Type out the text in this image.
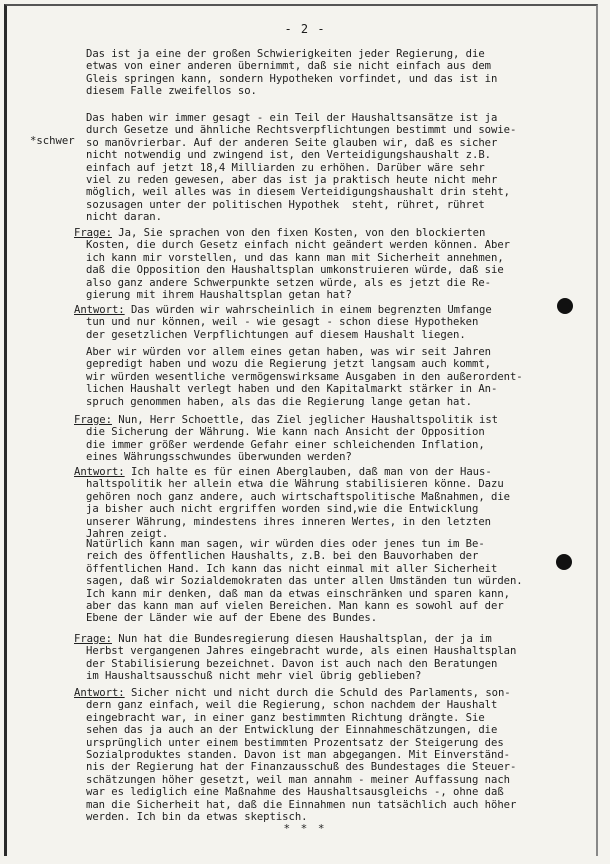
- 2 -
Das ist ja eine der großen Schwierigkeiten jeder Regierung, die
etwas von einer anderen übernimmt, daß sie nicht einfach aus dem
Gleis springen kann, sondern Hypotheken vorfindet, und das ist in
diesem Falle zweifellos so.
Das haben wir immer gesagt - ein Teil der Haushaltsansätze ist ja
durch Gesetze und ähnliche Rechtsverpflichtungen bestimmt und sowie-
so manövrierbar. Auf der anderen Seite glauben wir, daß es sicher
nicht notwendig und zwingend ist, den Verteidigungshaushalt z.B.
einfach auf jetzt 18,4 Milliarden zu erhöhen. Darüber wäre sehr
viel zu reden gewesen, aber das ist ja praktisch heute nicht mehr
möglich, weil alles was in diesem Verteidigungshaushalt drin steht,
sozusagen unter der politischen Hypothek  steht, rühret, rühret
nicht daran.
Frage: Ja, Sie sprachen von den fixen Kosten, von den blockierten
Kosten, die durch Gesetz einfach nicht geändert werden können. Aber
ich kann mir vorstellen, und das kann man mit Sicherheit annehmen,
daß die Opposition den Haushaltsplan umkonstruieren würde, daß sie
also ganz andere Schwerpunkte setzen würde, als es jetzt die Re-
gierung mit ihrem Haushaltsplan getan hat?
Antwort: Das würden wir wahrscheinlich in einem begrenzten Umfange
tun und nur können, weil - wie gesagt - schon diese Hypotheken
der gesetzlichen Verpflichtungen auf diesem Haushalt liegen.
Aber wir würden vor allem eines getan haben, was wir seit Jahren
gepredigt haben und wozu die Regierung jetzt langsam auch kommt,
wir würden wesentliche vermögenswirksame Ausgaben in den außerordent-
lichen Haushalt verlegt haben und den Kapitalmarkt stärker in An-
spruch genommen haben, als das die Regierung lange getan hat.
Frage: Nun, Herr Schoettle, das Ziel jeglicher Haushaltspolitik ist
die Sicherung der Währung. Wie kann nach Ansicht der Opposition
die immer größer werdende Gefahr einer schleichenden Inflation,
eines Währungsschwundes überwunden werden?
Antwort: Ich halte es für einen Aberglauben, daß man von der Haus-
haltspolitik her allein etwa die Währung stabilisieren könne. Dazu
gehören noch ganz andere, auch wirtschaftspolitische Maßnahmen, die
ja bisher auch nicht ergriffen worden sind,wie die Entwicklung
unserer Währung, mindestens ihres inneren Wertes, in den letzten
Jahren zeigt.
Natürlich kann man sagen, wir würden dies oder jenes tun im Be-
reich des öffentlichen Haushalts, z.B. bei den Bauvorhaben der
öffentlichen Hand. Ich kann das nicht einmal mit aller Sicherheit
sagen, daß wir Sozialdemokraten das unter allen Umständen tun würden.
Ich kann mir denken, daß man da etwas einschränken und sparen kann,
aber das kann man auf vielen Bereichen. Man kann es sowohl auf der
Ebene der Länder wie auf der Ebene des Bundes.
Frage: Nun hat die Bundesregierung diesen Haushaltsplan, der ja im
Herbst vergangenen Jahres eingebracht wurde, als einen Haushaltsplan
der Stabilisierung bezeichnet. Davon ist auch nach den Beratungen
im Haushaltsausschuß nicht mehr viel übrig geblieben?
Antwort: Sicher nicht und nicht durch die Schuld des Parlaments, son-
dern ganz einfach, weil die Regierung, schon nachdem der Haushalt
eingebracht war, in einer ganz bestimmten Richtung drängte. Sie
sehen das ja auch an der Entwicklung der Einnahmeschätzungen, die
ursprünglich unter einem bestimmten Prozentsatz der Steigerung des
Sozialproduktes standen. Davon ist man abgegangen. Mit Einverständ-
nis der Regierung hat der Finanzausschuß des Bundestages die Steuer-
schätzungen höher gesetzt, weil man annahm - meiner Auffassung nach
war es lediglich eine Maßnahme des Haushaltsausgleichs -, ohne daß
man die Sicherheit hat, daß die Einnahmen nun tatsächlich auch höher
werden. Ich bin da etwas skeptisch.
*schwer
* * *
